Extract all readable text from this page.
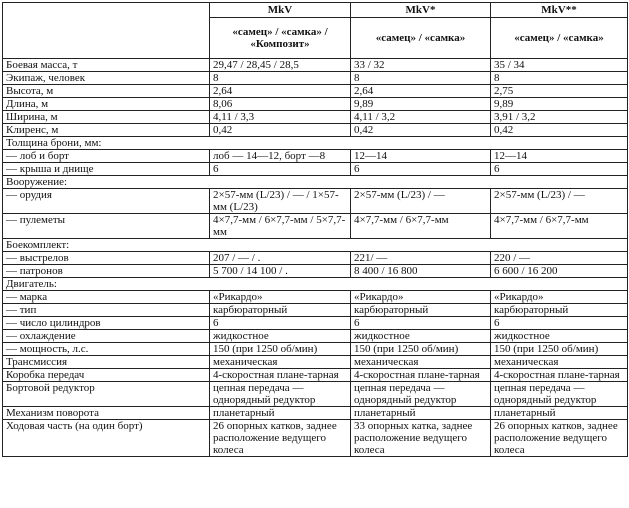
	MkV	MkV*	MkV**
	«самец» / «самка» / «Композит»	«самец» / «самка»	«самец» / «самка»
Боевая масса, т	29,47 / 28,45 / 28,5	33 / 32	35 / 34
Экипаж, человек	8	8	8
Высота, м	2,64	2,64	2,75
Длина, м	8,06	9,89	9,89
Ширина, м	4,11 / 3,3	4,11 / 3,2	3,91 / 3,2
Клиренс, м	0,42	0,42	0,42
Толщина брони, мм:			
— лоб и борт	лоб — 14—12, борт —8	12—14	12—14
— крыша и днище	6	6	6
Вооружение:			
— орудия	2×57-мм (L/23) / — / 1×57-мм (L/23)	2×57-мм (L/23) / —	2×57-мм (L/23) / —
— пулеметы	4×7,7-мм / 6×7,7-мм / 5×7,7-мм	4×7,7-мм / 6×7,7-мм	4×7,7-мм / 6×7,7-мм
Боекомплект:			
— выстрелов	207 / — / .	221/ —	220 / —
— патронов	5 700 / 14 100 / .	8 400 / 16 800	6 600 / 16 200
Двигатель:			
— марка	«Рикардо»	«Рикардо»	«Рикардо»
— тип	карбюраторный	карбюраторный	карбюраторный
— число цилиндров	6	6	6
— охлаждение	жидкостное	жидкостное	жидкостное
— мощность, л.с.	150 (при 1250 об/мин)	150 (при 1250 об/мин)	150 (при 1250 об/мин)
Трансмиссия	механическая	механическая	механическая
Коробка передач	4-скоростная плане-тарная	4-скоростная плане-тарная	4-скоростная плане-тарная
Бортовой редуктор	цепная передача — однорядный редуктор	цепная передача — однорядный редуктор	цепная передача — однорядный редуктор
Механизм поворота	планетарный	планетарный	планетарный
Ходовая часть (на один борт)	26 опорных катков, заднее расположение ведущего колеса	33 опорных катка, заднее расположение ведущего колеса	26 опорных катков, заднее расположение ведущего колеса
